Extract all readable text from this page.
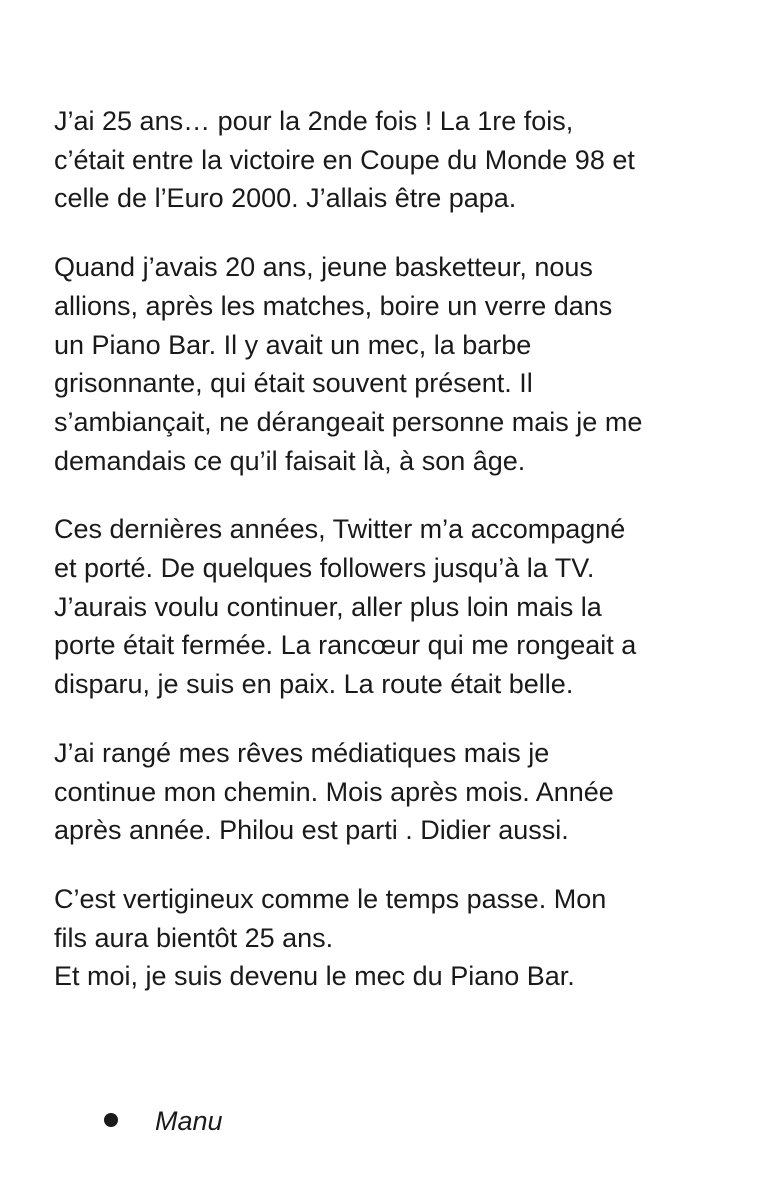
J’ai 25 ans… pour la 2nde fois ! La 1re fois,
c’était entre la victoire en Coupe du Monde 98 et
celle de l’Euro 2000. J’allais être papa.

Quand j’avais 20 ans, jeune basketteur, nous
allions, après les matches, boire un verre dans
un Piano Bar. Il y avait un mec, la barbe
grisonnante, qui était souvent présent. Il
s’ambiançait, ne dérangeait personne mais je me
demandais ce qu’il faisait là, à son âge.

Ces dernières années, Twitter m’a accompagné
et porté. De quelques followers jusqu’à la TV.
J’aurais voulu continuer, aller plus loin mais la
porte était fermée. La rancœur qui me rongeait a
disparu, je suis en paix. La route était belle.

J’ai rangé mes rêves médiatiques mais je
continue mon chemin. Mois après mois. Année
après année. Philou est parti . Didier aussi.

C’est vertigineux comme le temps passe. Mon
fils aura bientôt 25 ans.
Et moi, je suis devenu le mec du Piano Bar.

Manu
